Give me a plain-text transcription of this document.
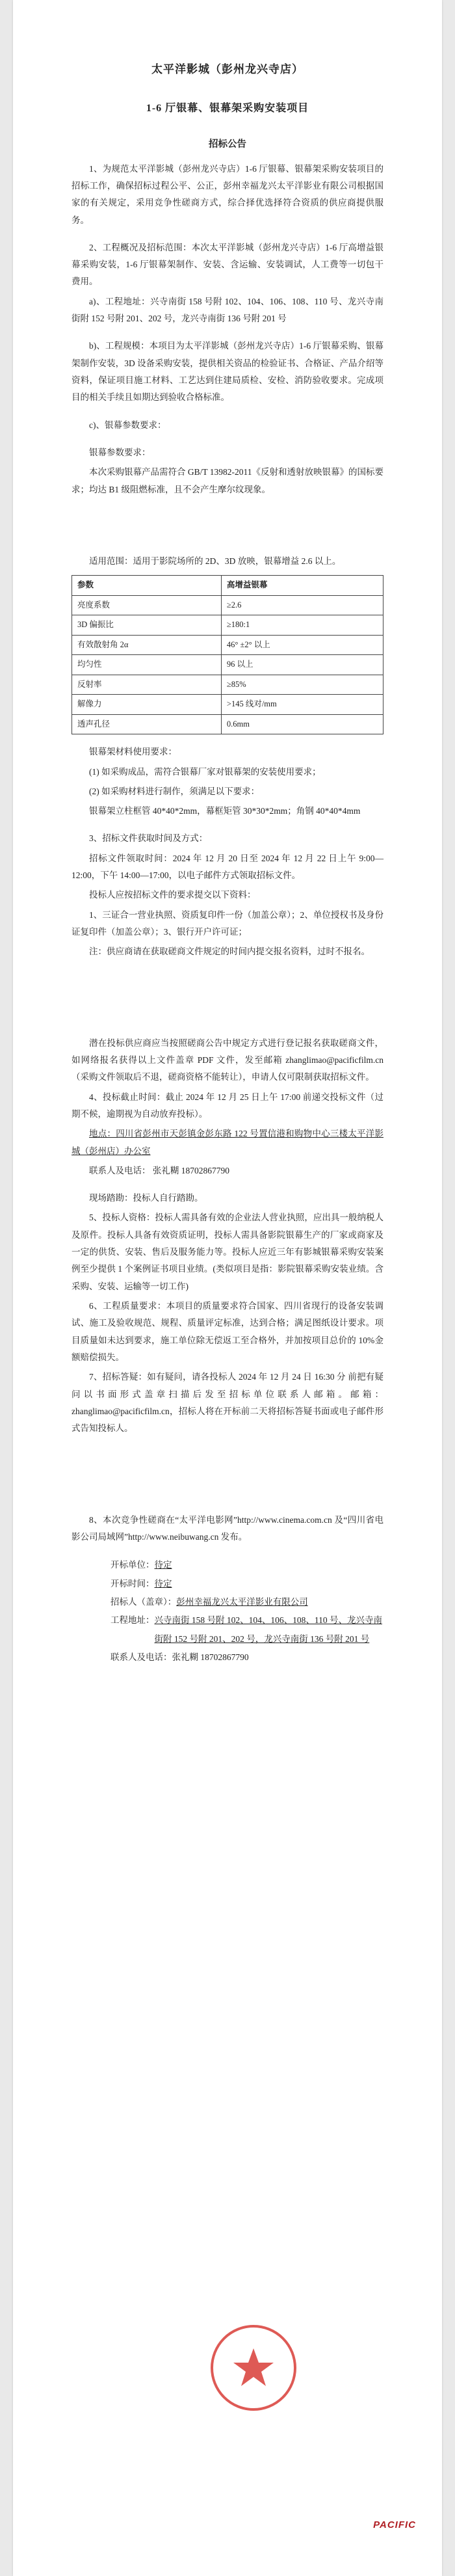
太平洋影城（彭州龙兴寺店）
1-6 厅银幕、银幕架采购安装项目
招标公告

1、为规范太平洋影城（彭州龙兴寺店）1-6 厅银幕、银幕架采购安装项目的招标工作，确保招标过程公平、公正，彭州幸福龙兴太平洋影业有限公司根据国家的有关规定，采用竞争性磋商方式，综合择优选择符合资质的供应商提供服务。

2、工程概况及招标范围：本次太平洋影城（彭州龙兴寺店）1-6 厅高增益银幕采购安装，1-6 厅银幕架制作、安装、含运输、安装调试，人工费等一切包干费用。

a)、工程地址：兴寺南街 158 号附 102、104、106、108、110 号、龙兴寺南街附 152 号附 201、202 号，龙兴寺南街 136 号附 201 号

b)、工程规模：本项目为太平洋影城（彭州龙兴寺店）1-6 厅银幕采购、银幕架制作安装，3D 设备采购安装，提供相关资品的检验证书、合格证、产品介绍等资料，保证项目施工材料、工艺达到住建局质检、安检、消防验收要求。完成项目的相关手续且如期达到验收合格标准。

c)、银幕参数要求：

银幕参数要求：

本次采购银幕产品需符合 GB/T 13982-2011《反射和透射放映银幕》的国标要求；均达 B1 级阻燃标准，且不会产生摩尔纹现象。

适用范围：适用于影院场所的 2D、3D 放映，银幕增益 2.6 以上。

参数	高增益银幕
亮度系数	≥2.6
3D 偏振比	≥180:1
有效散射角 2α	46° ±2° 以上
均匀性	96 以上
反射率	≥85%
解像力	>145 线对/mm
透声孔径	0.6mm

银幕架材料使用要求：

(1) 如采购成品，需符合银幕厂家对银幕架的安装使用要求；

(2) 如采购材料进行制作，须满足以下要求：

银幕架立柱框管 40*40*2mm，幕框矩管 30*30*2mm；角钢 40*40*4mm

3、招标文件获取时间及方式：

招标文件领取时间：2024 年 12 月 20 日至 2024 年 12 月 22 日上午 9:00—12:00，下午 14:00—17:00，以电子邮件方式领取招标文件。

投标人应按招标文件的要求提交以下资料：

1、三证合一营业执照、资质复印件一份（加盖公章）；2、单位授权书及身份证复印件（加盖公章）；3、银行开户许可证；

注：供应商请在获取磋商文件规定的时间内提交报名资料，过时不报名。

潜在投标供应商应当按照磋商公告中规定方式进行登记报名获取磋商文件，如网络报名获得以上文件盖章 PDF 文件，发至邮箱 zhanglimao@pacificfilm.cn（采购文件领取后不退，磋商资格不能转让），申请人仅可限制获取招标文件。

4、投标截止时间：截止 2024 年 12 月 25 日上午 17:00 前递交投标文件（过期不候，逾期视为自动放弃投标）。

地点：四川省彭州市天彭镇金彭东路 122 号置信港和购物中心三楼太平洋影城（彭州店）办公室

联系人及电话： 张礼糊 18702867790

现场踏勘：投标人自行踏勘。

5、投标人资格：投标人需具备有效的企业法人营业执照，应出具一般纳税人及原件。投标人具备有效资质证明，投标人需具备影院银幕生产的厂家或商家及一定的供货、安装、售后及服务能力等。投标人应近三年有影城银幕采购安装案例至少提供 1 个案例证书项目业绩。(类似项目是指：影院银幕采购安装业绩。含采购、安装、运输等一切工作)

6、工程质量要求：本项目的质量要求符合国家、四川省现行的设备安装调试、施工及验收规范、规程、质量评定标准，达到合格；满足图纸设计要求。项目质量如未达到要求，施工单位除无偿返工至合格外，并加按项目总价的 10%金额赔偿损失。

7、招标答疑：如有疑问，请各投标人 2024 年 12 月 24 日 16:30 分 前把有疑问以书面形式盖章扫描后发至招标单位联系人邮箱。邮箱：zhanglimao@pacificfilm.cn，招标人将在开标前二天将招标答疑书面或电子邮件形式告知投标人。

8、本次竞争性磋商在“太平洋电影网”http://www.cinema.com.cn 及“四川省电影公司局域网”http://www.neibuwang.cn 发布。

开标单位： 待定
开标时间： 待定
招标人（盖章）： 彭州幸福龙兴太平洋影业有限公司
工程地址： 兴寺南街 158 号附 102、104、106、108、110 号、龙兴寺南街附 152 号附 201、202 号，龙兴寺南街 136 号附 201 号
联系人及电话： 张礼糊 18702867790
PACIFIC
